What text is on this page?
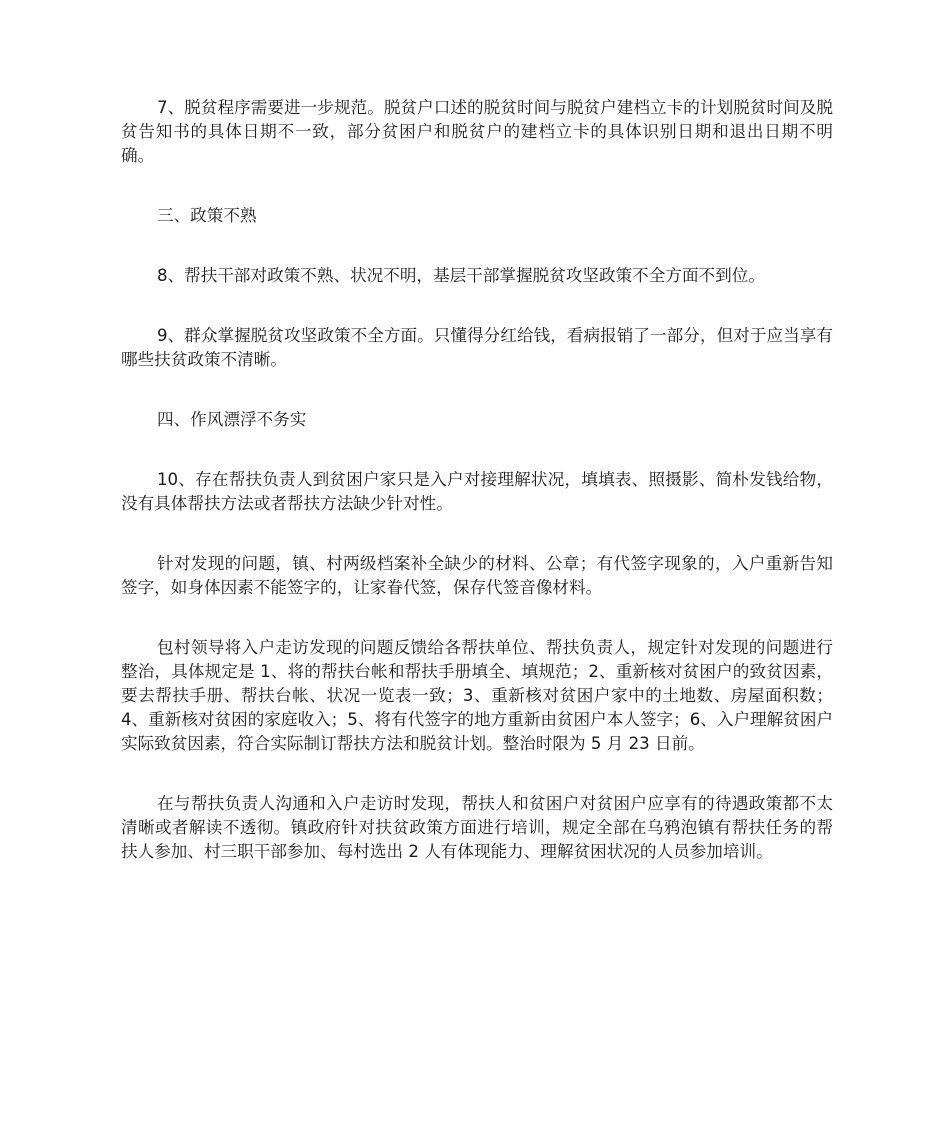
7、脱贫程序需要进一步规范。脱贫户口述的脱贫时间与脱贫户建档立卡的计划脱贫时间及脱贫告知书的具体日期不一致，部分贫困户和脱贫户的建档立卡的具体识别日期和退出日期不明确。

三、政策不熟

8、帮扶干部对政策不熟、状况不明，基层干部掌握脱贫攻坚政策不全方面不到位。

9、群众掌握脱贫攻坚政策不全方面。只懂得分红给钱，看病报销了一部分，但对于应当享有哪些扶贫政策不清晰。

四、作风漂浮不务实

10、存在帮扶负责人到贫困户家只是入户对接理解状况，填填表、照摄影、简朴发钱给物，没有具体帮扶方法或者帮扶方法缺少针对性。

针对发现的问题，镇、村两级档案补全缺少的材料、公章；有代签字现象的，入户重新告知签字，如身体因素不能签字的，让家眷代签，保存代签音像材料。

包村领导将入户走访发现的问题反馈给各帮扶单位、帮扶负责人，规定针对发现的问题进行整治，具体规定是 1、将的帮扶台帐和帮扶手册填全、填规范；2、重新核对贫困户的致贫因素，要去帮扶手册、帮扶台帐、状况一览表一致；3、重新核对贫困户家中的土地数、房屋面积数；4、重新核对贫困的家庭收入；5、将有代签字的地方重新由贫困户本人签字；6、入户理解贫困户实际致贫因素，符合实际制订帮扶方法和脱贫计划。整治时限为 5 月 23 日前。

在与帮扶负责人沟通和入户走访时发现，帮扶人和贫困户对贫困户应享有的待遇政策都不太清晰或者解读不透彻。镇政府针对扶贫政策方面进行培训，规定全部在乌鸦泡镇有帮扶任务的帮扶人参加、村三职干部参加、每村选出 2 人有体现能力、理解贫困状况的人员参加培训。
